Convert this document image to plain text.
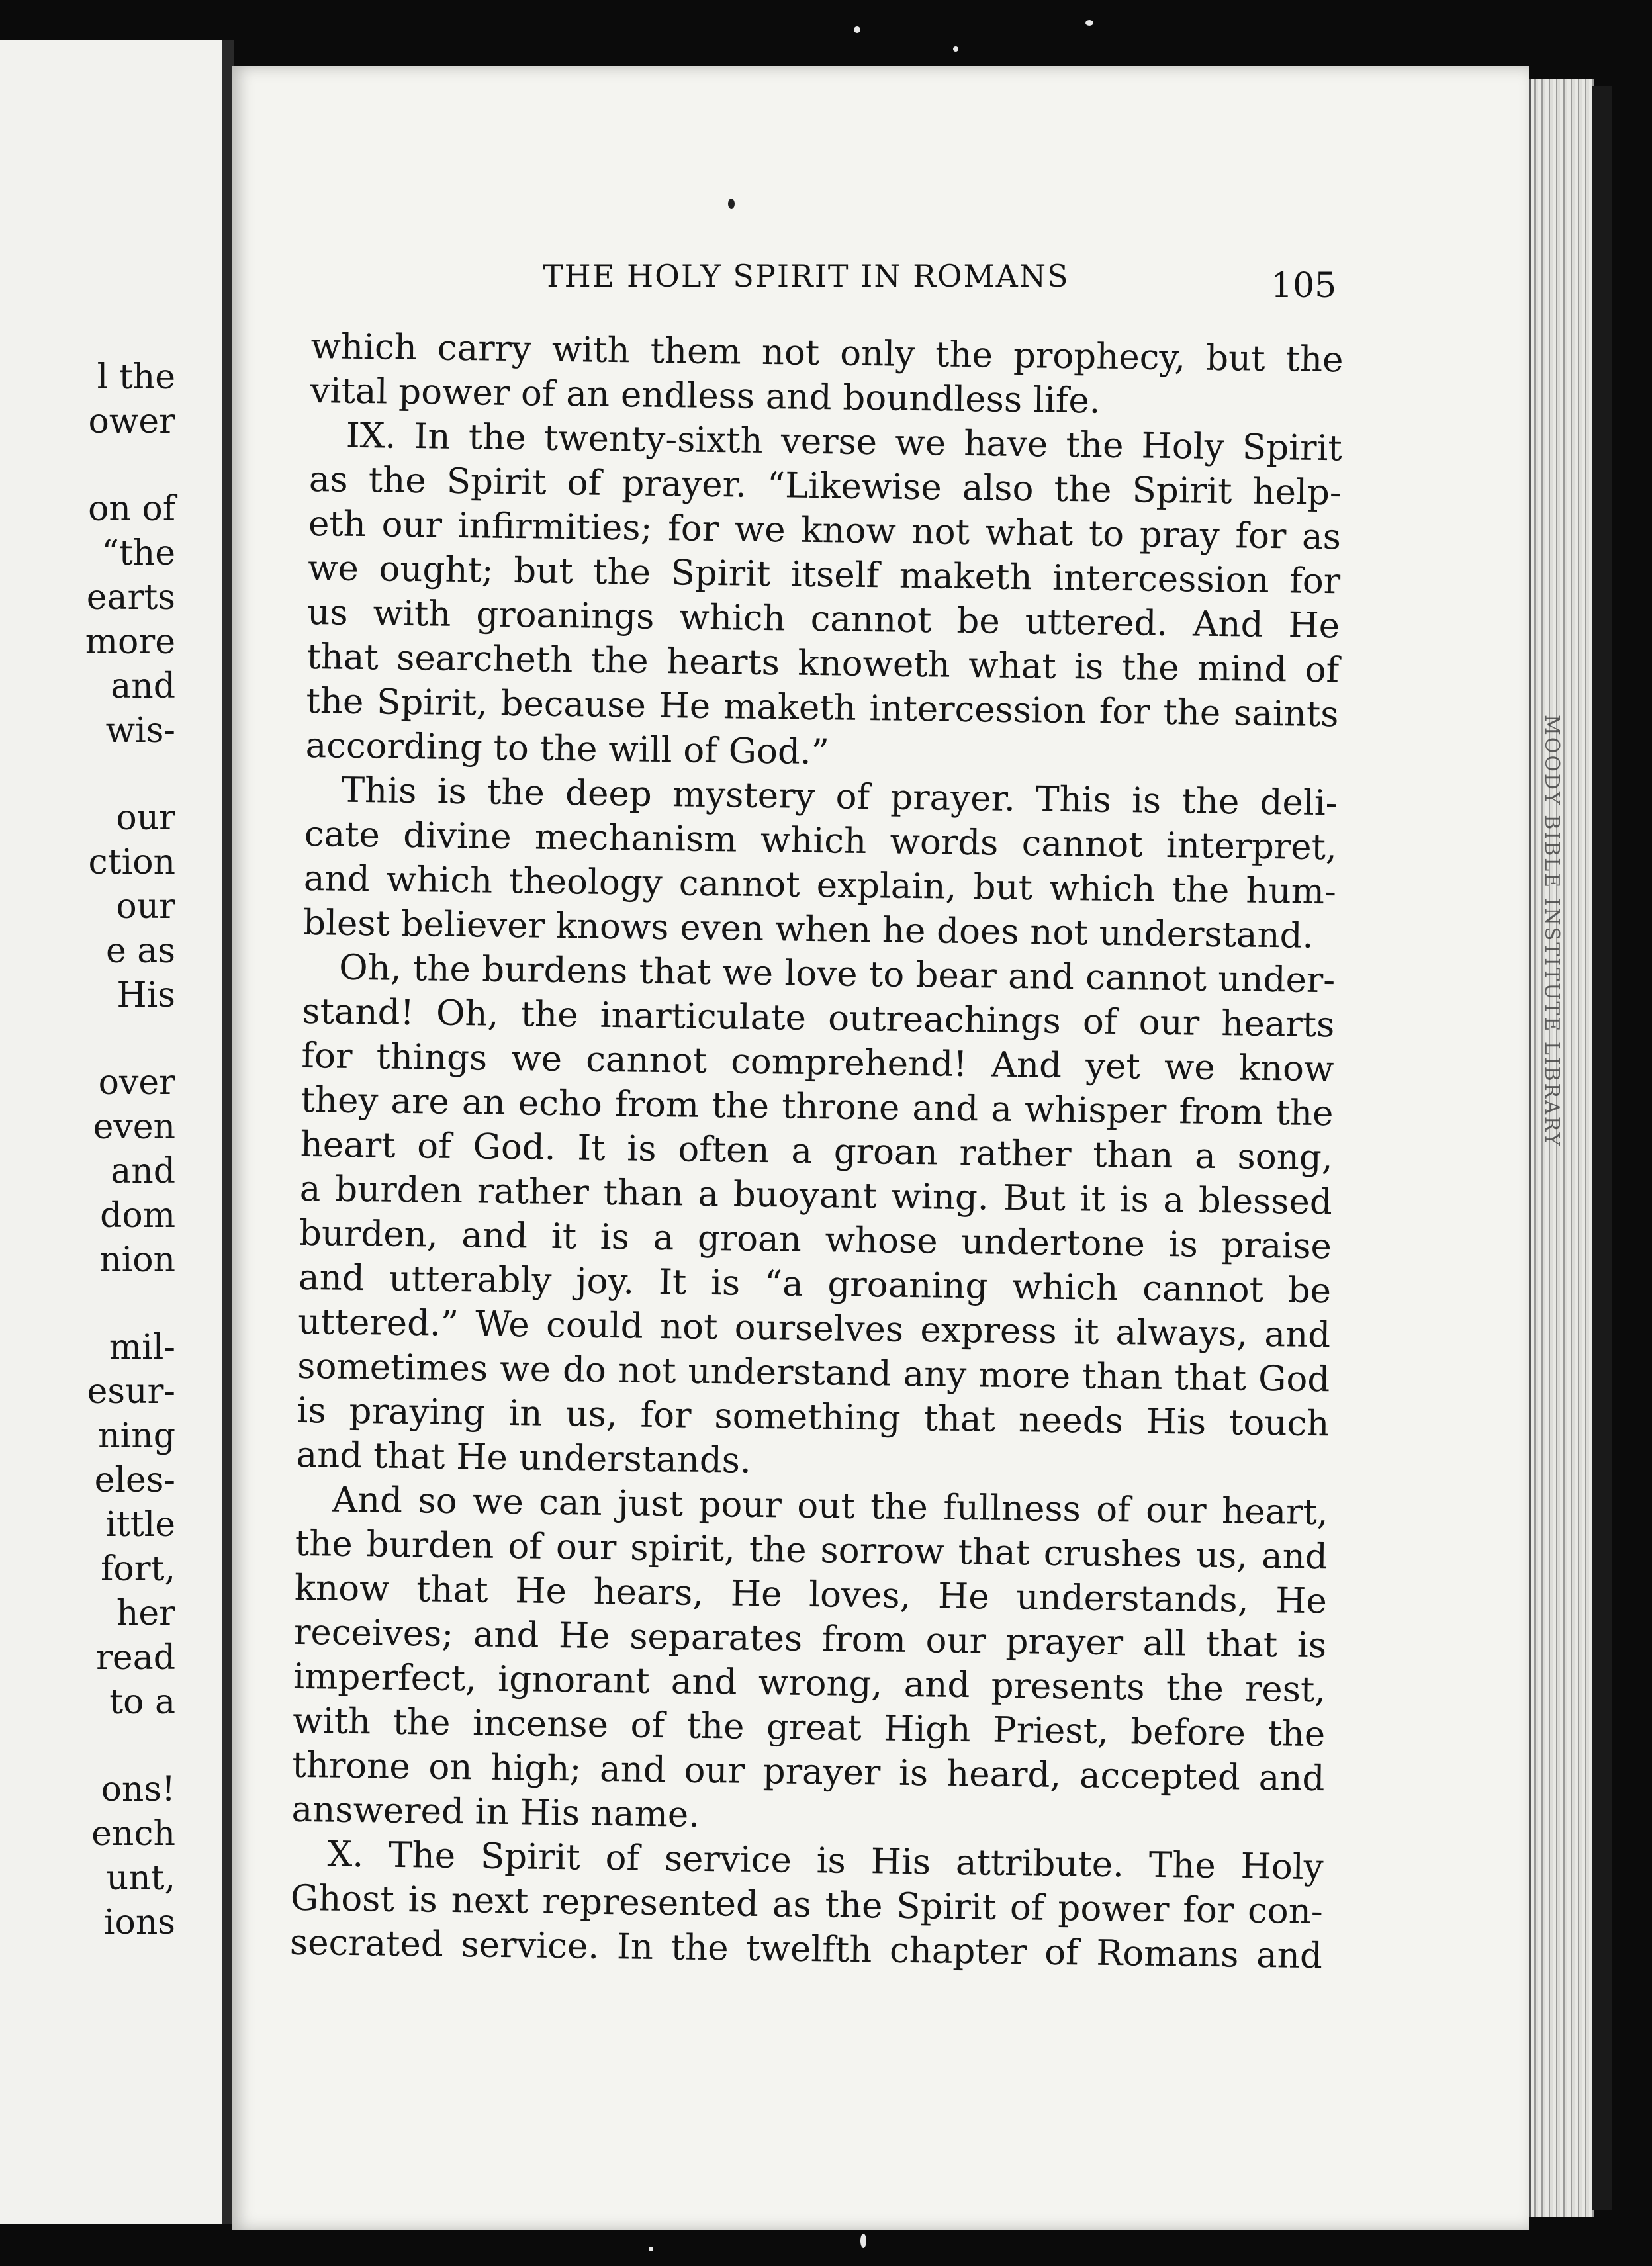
l the
ower
on of
“the
earts
more
and
wis-
our
ction
our
e as
His
over
even
and
dom
nion
mil-
esur-
ning
eles-
ittle
fort,
her
read
to a
ons!
ench
unt,
ions
THE HOLY SPIRIT IN ROMANS	105
which carry with them not only the prophecy, but the
vital power of an endless and boundless life.
IX. In the twenty-sixth verse we have the Holy Spirit
as the Spirit of prayer. “Likewise also the Spirit help-
eth our infirmities; for we know not what to pray for as
we ought; but the Spirit itself maketh intercession for
us with groanings which cannot be uttered. And He
that searcheth the hearts knoweth what is the mind of
the Spirit, because He maketh intercession for the saints
according to the will of God.”
This is the deep mystery of prayer. This is the deli-
cate divine mechanism which words cannot interpret,
and which theology cannot explain, but which the hum-
blest believer knows even when he does not understand.
Oh, the burdens that we love to bear and cannot under-
stand! Oh, the inarticulate outreachings of our hearts
for things we cannot comprehend! And yet we know
they are an echo from the throne and a whisper from the
heart of God. It is often a groan rather than a song,
a burden rather than a buoyant wing. But it is a blessed
burden, and it is a groan whose undertone is praise
and utterably joy. It is “a groaning which cannot be
uttered.” We could not ourselves express it always, and
sometimes we do not understand any more than that God
is praying in us, for something that needs His touch
and that He understands.
And so we can just pour out the fullness of our heart,
the burden of our spirit, the sorrow that crushes us, and
know that He hears, He loves, He understands, He
receives; and He separates from our prayer all that is
imperfect, ignorant and wrong, and presents the rest,
with the incense of the great High Priest, before the
throne on high; and our prayer is heard, accepted and
answered in His name.
X. The Spirit of service is His attribute. The Holy
Ghost is next represented as the Spirit of power for con-
secrated service. In the twelfth chapter of Romans and
MOODY BIBLE INSTITUTE LIBRARY
